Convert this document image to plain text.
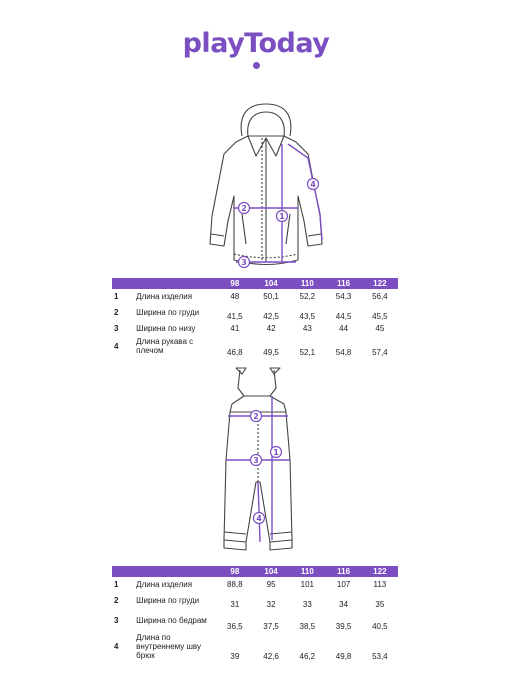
playToday
1
2
3
4
		98	104	110	116	122
1	Длина изделия	48	50,1	52,2	54,3	56,4
2	Ширина по груди	41,5	42,5	43,5	44,5	45,5
3	Ширина по низу	41	42	43	44	45
4	Длина рукава с плечом	46,8	49,5	52,1	54,8	57,4
1
2
3
4
		98	104	110	116	122
1	Длина изделия	88,8	95	101	107	113
2	Ширина по груди	31	32	33	34	35
3	Ширина по бедрам	36,5	37,5	38,5	39,5	40,5
4	Длина по внутреннему шву брюк	39	42,6	46,2	49,8	53,4
